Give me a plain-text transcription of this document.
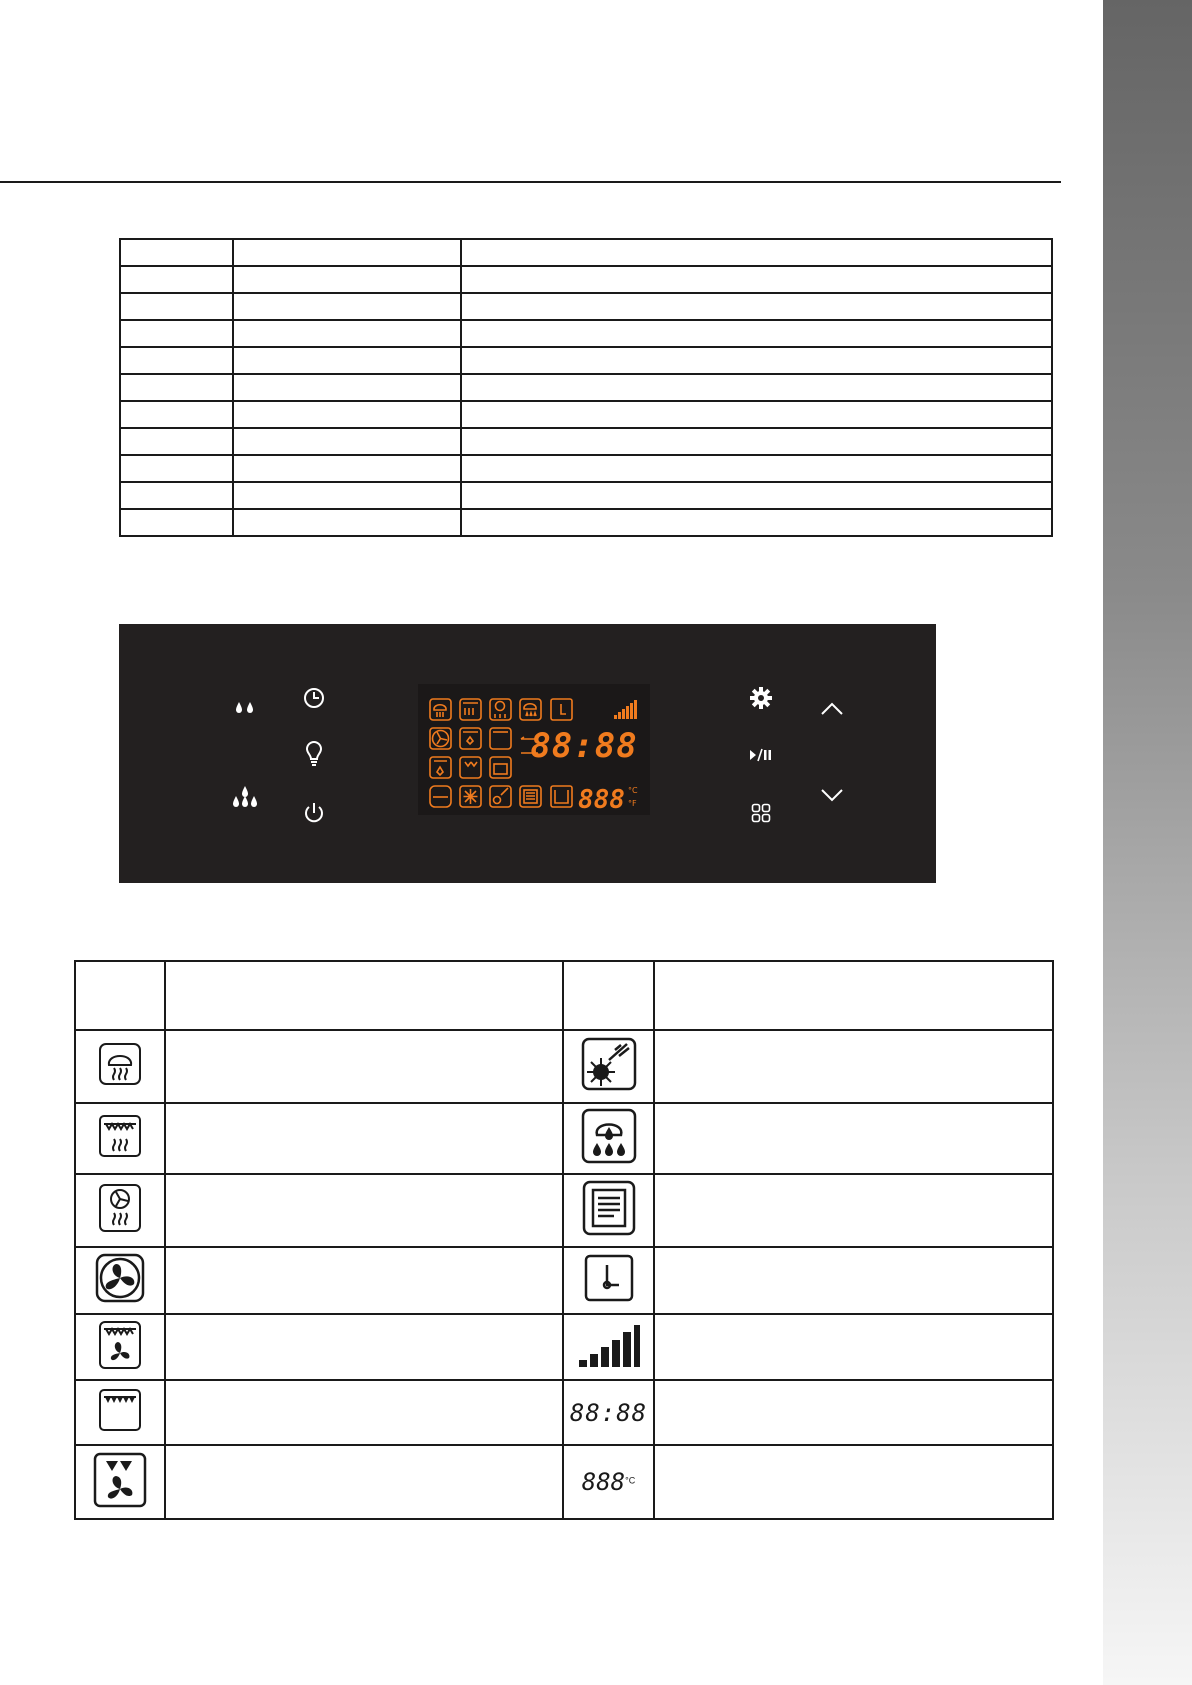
88:88
888 °C
°F

		88:88	
		$888^{^\circ C}$	
